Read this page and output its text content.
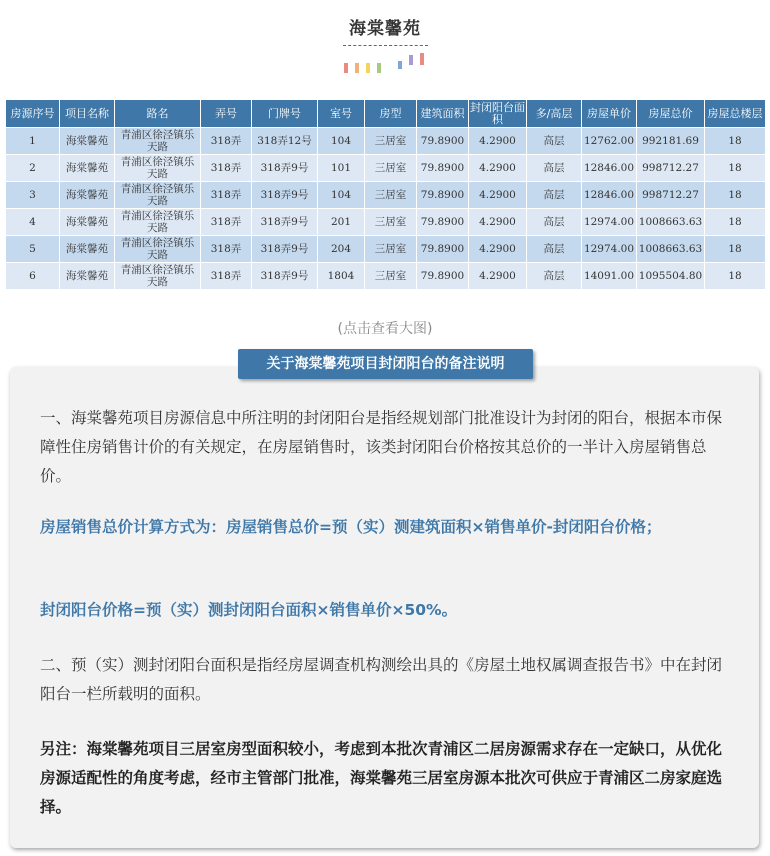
海棠馨苑
房源序号	项目名称	路名	弄号	门牌号	室号	房型	建筑面积	封闭阳台面积	多/高层	房屋单价	房屋总价	房屋总楼层
1	海棠馨苑	青浦区徐泾镇乐天路	318弄	318弄12号	104	三居室	79.8900	4.2900	高层	12762.00	992181.69	18
2	海棠馨苑	青浦区徐泾镇乐天路	318弄	318弄9号	101	三居室	79.8900	4.2900	高层	12846.00	998712.27	18
3	海棠馨苑	青浦区徐泾镇乐天路	318弄	318弄9号	104	三居室	79.8900	4.2900	高层	12846.00	998712.27	18
4	海棠馨苑	青浦区徐泾镇乐天路	318弄	318弄9号	201	三居室	79.8900	4.2900	高层	12974.00	1008663.63	18
5	海棠馨苑	青浦区徐泾镇乐天路	318弄	318弄9号	204	三居室	79.8900	4.2900	高层	12974.00	1008663.63	18
6	海棠馨苑	青浦区徐泾镇乐天路	318弄	318弄9号	1804	三居室	79.8900	4.2900	高层	14091.00	1095504.80	18
(点击查看大图)
关于海棠馨苑项目封闭阳台的备注说明
一、海棠馨苑项目房源信息中所注明的封闭阳台是指经规划部门批准设计为封闭的阳台，根据本市保障性住房销售计价的有关规定，在房屋销售时，该类封闭阳台价格按其总价的一半计入房屋销售总价。
房屋销售总价计算方式为：房屋销售总价=预（实）测建筑面积×销售单价-封闭阳台价格；
封闭阳台价格=预（实）测封闭阳台面积×销售单价×50%。
二、预（实）测封闭阳台面积是指经房屋调查机构测绘出具的《房屋土地权属调查报告书》中在封闭阳台一栏所载明的面积。
另注：海棠馨苑项目三居室房型面积较小，考虑到本批次青浦区二居房源需求存在一定缺口，从优化房源适配性的角度考虑，经市主管部门批准，海棠馨苑三居室房源本批次可供应于青浦区二房家庭选择。
